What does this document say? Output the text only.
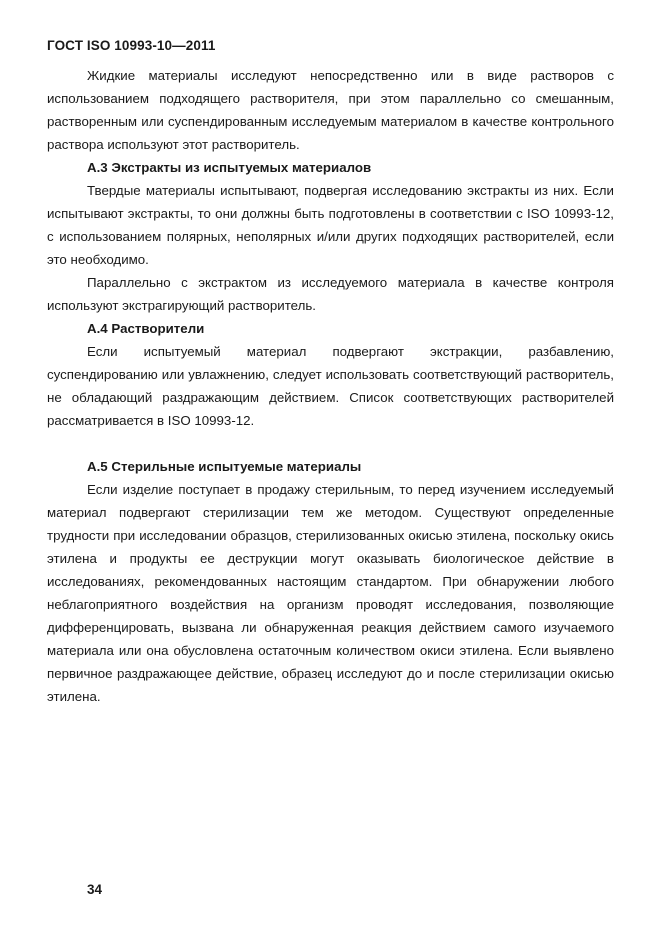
ГОСТ ISO 10993-10—2011

Жидкие материалы исследуют непосредственно или в виде растворов с использованием подходящего растворителя, при этом параллельно со смешанным, растворенным или суспендированным исследуемым материалом в качестве контрольного раствора используют этот растворитель.

А.3 Экстракты из испытуемых материалов

Твердые материалы испытывают, подвергая исследованию экстракты из них. Если испытывают экстракты, то они должны быть подготовлены в соответствии с ISO 10993-12, с использованием полярных, неполярных и/или других подходящих растворителей, если это необходимо.

Параллельно с экстрактом из исследуемого материала в качестве контроля используют экстрагирующий растворитель.

А.4 Растворители

Если испытуемый материал подвергают экстракции, разбавлению, суспендированию или увлажнению, следует использовать соответствующий растворитель, не обладающий раздражающим действием. Список соответствующих растворителей рассматривается в ISO 10993-12.

А.5 Стерильные испытуемые материалы

Если изделие поступает в продажу стерильным, то перед изучением исследуемый материал подвергают стерилизации тем же методом. Существуют определенные трудности при исследовании образцов, стерилизованных окисью этилена, поскольку окись этилена и продукты ее деструкции могут оказывать биологическое действие в исследованиях, рекомендованных настоящим стандартом. При обнаружении любого неблагоприятного воздействия на организм проводят исследования, позволяющие дифференцировать, вызвана ли обнаруженная реакция действием самого изучаемого материала или она обусловлена остаточным количеством окиси этилена. Если выявлено первичное раздражающее действие, образец исследуют до и после стерилизации окисью этилена.

34
